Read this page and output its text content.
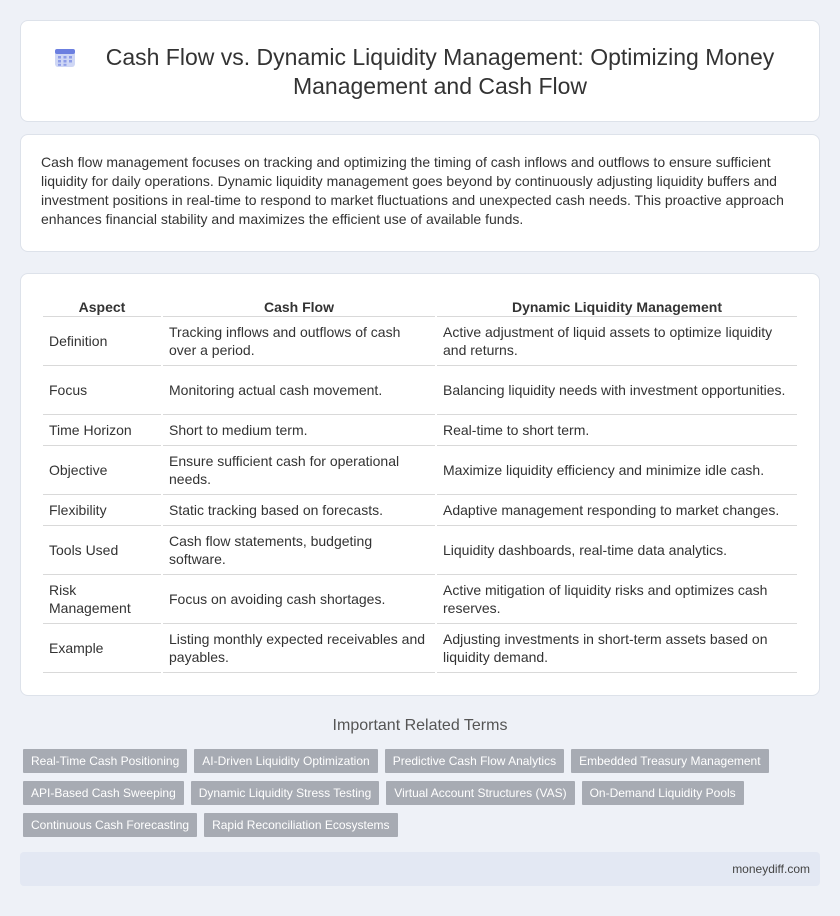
Cash Flow vs. Dynamic Liquidity Management: Optimizing Money Management and Cash Flow

Cash flow management focuses on tracking and optimizing the timing of cash inflows and outflows to ensure sufficient liquidity for daily operations. Dynamic liquidity management goes beyond by continuously adjusting liquidity buffers and investment positions in real-time to respond to market fluctuations and unexpected cash needs. This proactive approach enhances financial stability and maximizes the efficient use of available funds.

Aspect	Cash Flow	Dynamic Liquidity Management
Definition	Tracking inflows and outflows of cash over a period.	Active adjustment of liquid assets to optimize liquidity and returns.
Focus	Monitoring actual cash movement.	Balancing liquidity needs with investment opportunities.
Time Horizon	Short to medium term.	Real-time to short term.
Objective	Ensure sufficient cash for operational needs.	Maximize liquidity efficiency and minimize idle cash.
Flexibility	Static tracking based on forecasts.	Adaptive management responding to market changes.
Tools Used	Cash flow statements, budgeting software.	Liquidity dashboards, real-time data analytics.
Risk Management	Focus on avoiding cash shortages.	Active mitigation of liquidity risks and optimizes cash reserves.
Example	Listing monthly expected receivables and payables.	Adjusting investments in short-term assets based on liquidity demand.
Important Related Terms
Real-Time Cash Positioning	AI-Driven Liquidity Optimization	Predictive Cash Flow Analytics	Embedded Treasury Management
API-Based Cash Sweeping	Dynamic Liquidity Stress Testing	Virtual Account Structures (VAS)	On-Demand Liquidity Pools
Continuous Cash Forecasting	Rapid Reconciliation Ecosystems
moneydiff.com
